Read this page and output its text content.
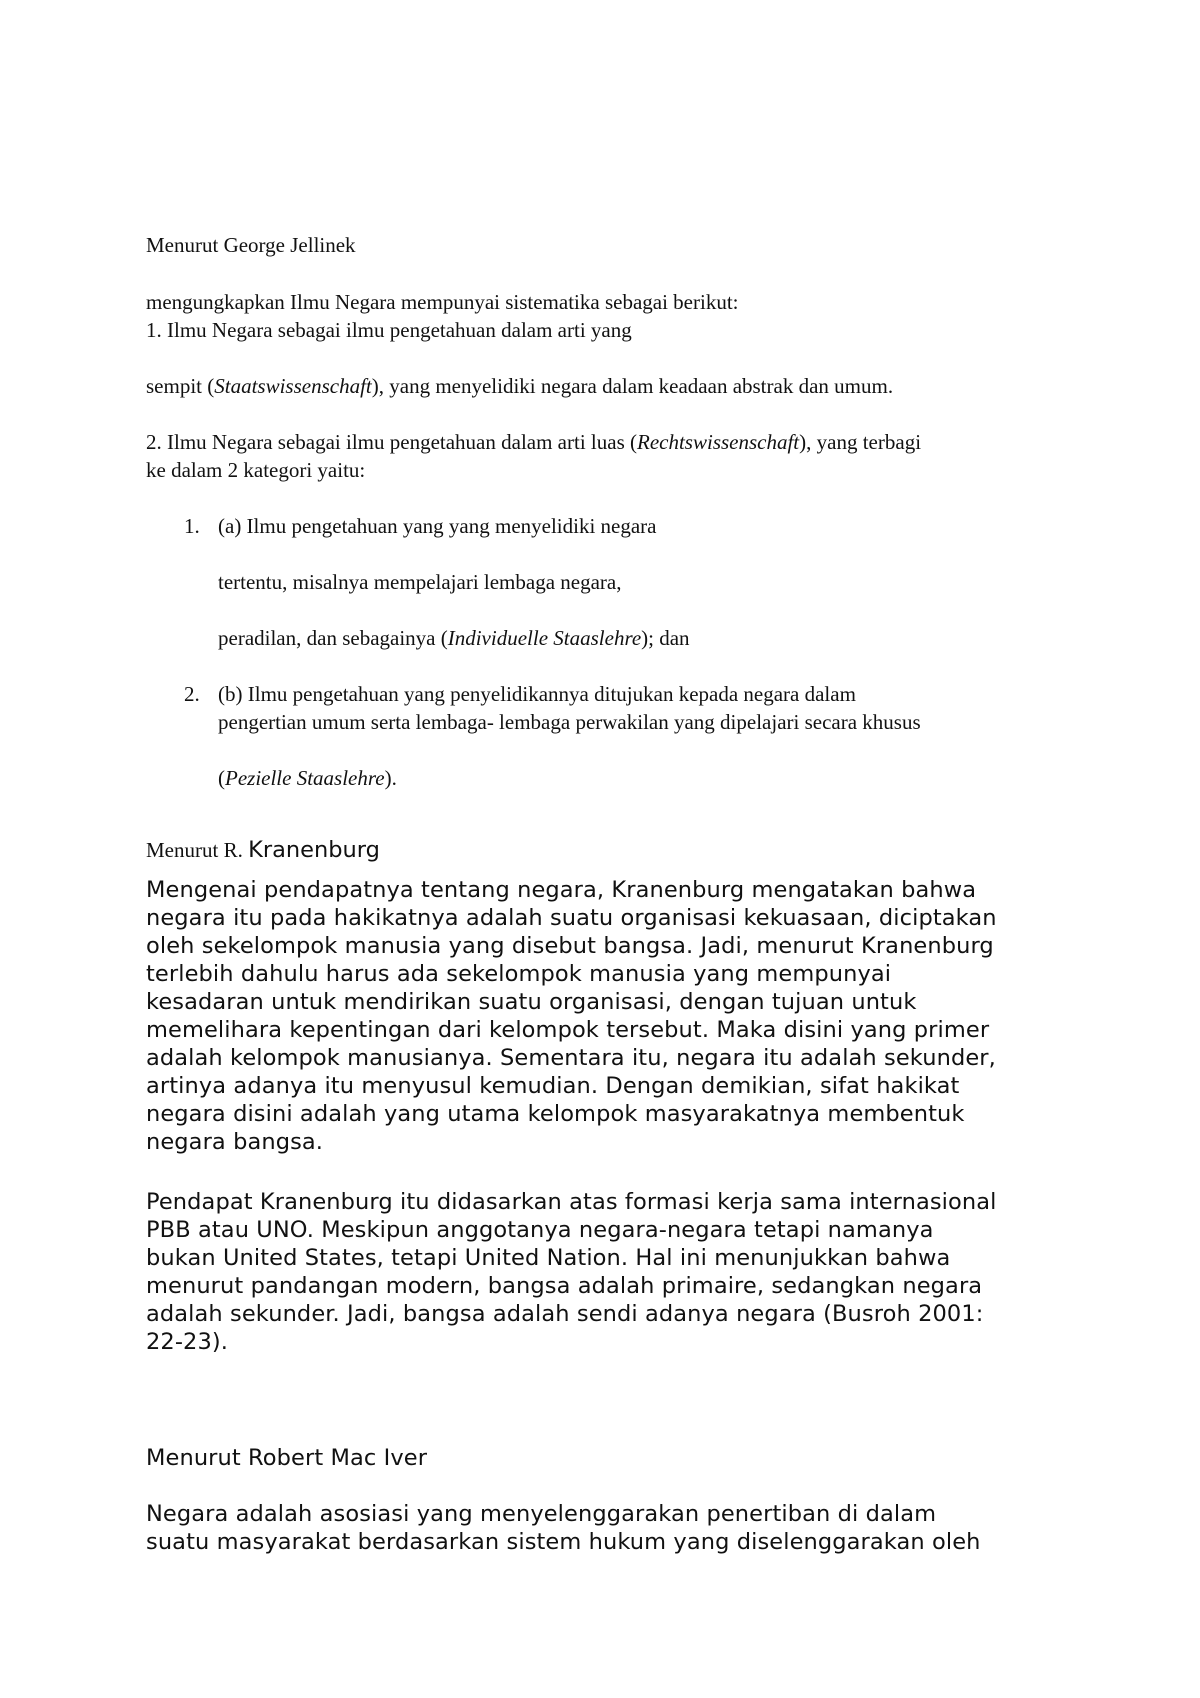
Menurut George Jellinek

mengungkapkan Ilmu Negara mempunyai sistematika sebagai berikut:

1. Ilmu Negara sebagai ilmu pengetahuan dalam arti yang

sempit (Staatswissenschaft), yang menyelidiki negara dalam keadaan abstrak dan umum.

2. Ilmu Negara sebagai ilmu pengetahuan dalam arti luas (Rechtswissenschaft), yang terbagi

ke dalam 2 kategori yaitu:

1. (a) Ilmu pengetahuan yang yang menyelidiki negara

tertentu, misalnya mempelajari lembaga negara,

peradilan, dan sebagainya (Individuelle Staaslehre); dan

2. (b) Ilmu pengetahuan yang penyelidikannya ditujukan kepada negara dalam

pengertian umum serta lembaga- lembaga perwakilan yang dipelajari secara khusus

(Pezielle Staaslehre).

Menurut R. Kranenburg

Mengenai pendapatnya tentang negara, Kranenburg mengatakan bahwa
negara itu pada hakikatnya adalah suatu organisasi kekuasaan, diciptakan
oleh sekelompok manusia yang disebut bangsa. Jadi, menurut Kranenburg
terlebih dahulu harus ada sekelompok manusia yang mempunyai
kesadaran untuk mendirikan suatu organisasi, dengan tujuan untuk
memelihara kepentingan dari kelompok tersebut. Maka disini yang primer
adalah kelompok manusianya. Sementara itu, negara itu adalah sekunder,
artinya adanya itu menyusul kemudian. Dengan demikian, sifat hakikat
negara disini adalah yang utama kelompok masyarakatnya membentuk
negara bangsa.
Pendapat Kranenburg itu didasarkan atas formasi kerja sama internasional
PBB atau UNO. Meskipun anggotanya negara-negara tetapi namanya
bukan United States, tetapi United Nation. Hal ini menunjukkan bahwa
menurut pandangan modern, bangsa adalah primaire, sedangkan negara
adalah sekunder. Jadi, bangsa adalah sendi adanya negara (Busroh 2001:
22-23).

Menurut Robert Mac Iver

Negara adalah asosiasi yang menyelenggarakan penertiban di dalam
suatu masyarakat berdasarkan sistem hukum yang diselenggarakan oleh
